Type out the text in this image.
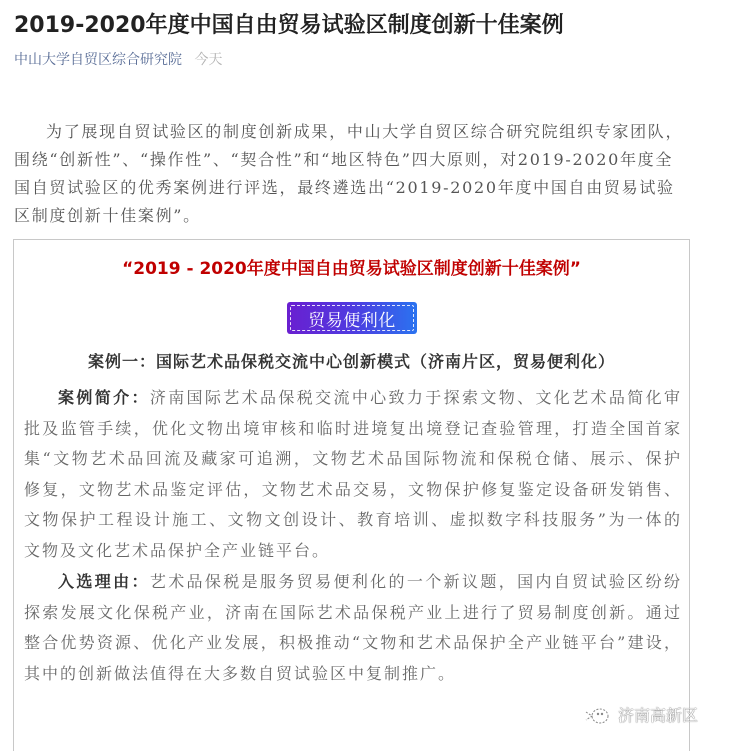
2019-2020年度中国自由贸易试验区制度创新十佳案例
中山大学自贸区综合研究院 今天

为了展现自贸试验区的制度创新成果，中山大学自贸区综合研究院组织专家团队，围绕“创新性”、“操作性”、“契合性”和“地区特色”四大原则，对2019-2020年度全国自贸试验区的优秀案例进行评选，最终遴选出“2019-2020年度中国自由贸易试验区制度创新十佳案例”。

“2019 - 2020年度中国自由贸易试验区制度创新十佳案例”
贸易便利化
案例一：国际艺术品保税交流中心创新模式（济南片区，贸易便利化）

案例简介：济南国际艺术品保税交流中心致力于探索文物、文化艺术品简化审批及监管手续，优化文物出境审核和临时进境复出境登记查验管理，打造全国首家集“文物艺术品回流及藏家可追溯，文物艺术品国际物流和保税仓储、展示、保护修复，文物艺术品鉴定评估，文物艺术品交易，文物保护修复鉴定设备研发销售、文物保护工程设计施工、文物文创设计、教育培训、虚拟数字科技服务”为一体的文物及文化艺术品保护全产业链平台。

入选理由：艺术品保税是服务贸易便利化的一个新议题，国内自贸试验区纷纷探索发展文化保税产业，济南在国际艺术品保税产业上进行了贸易制度创新。通过整合优势资源、优化产业发展，积极推动“文物和艺术品保护全产业链平台”建设，其中的创新做法值得在大多数自贸试验区中复制推广。

济南高新区
